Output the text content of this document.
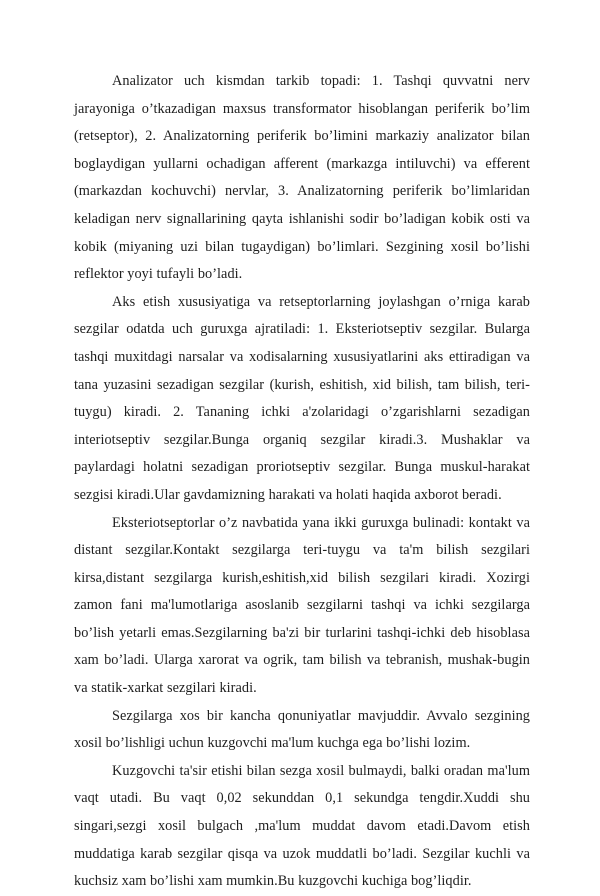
Analizator uch kismdan tarkib topadi: 1. Tashqi quvvatni nerv jarayoniga o’tkazadigan maxsus transformator hisoblangan periferik bo’lim (retseptor), 2. Analizatorning periferik bo’limini markaziy analizator bilan boglaydigan yullarni ochadigan afferent (markazga intiluvchi) va efferent (markazdan kochuvchi) nervlar, 3. Analizatorning periferik bo’limlaridan keladigan nerv signallarining qayta ishlanishi sodir bo’ladigan kobik osti va kobik (miyaning uzi bilan tugaydigan) bo’limlari. Sezgining xosil bo’lishi reflektor yoyi tufayli bo’ladi.

Aks etish xususiyatiga va retseptorlarning joylashgan o’rniga karab sezgilar odatda uch guruxga ajratiladi: 1. Eksteriotseptiv sezgilar. Bularga tashqi muxitdagi narsalar va xodisalarning xususiyatlarini aks ettiradigan va tana yuzasini sezadigan sezgilar (kurish, eshitish, xid bilish, tam bilish, teri-tuygu) kiradi. 2. Tananing ichki a'zolaridagi o’zgarishlarni sezadigan interiotseptiv sezgilar.Bunga organiq sezgilar kiradi.3. Mushaklar va paylardagi holatni sezadigan proriotseptiv sezgilar. Bunga muskul-harakat sezgisi kiradi.Ular gavdamizning harakati va holati haqida axborot beradi.

Eksteriotseptorlar o’z navbatida yana ikki guruxga bulinadi: kontakt va distant sezgilar.Kontakt sezgilarga teri-tuygu va ta'm bilish sezgilari kirsa,distant sezgilarga kurish,eshitish,xid bilish sezgilari kiradi. Xozirgi zamon fani ma'lumotlariga asoslanib sezgilarni tashqi va ichki sezgilarga bo’lish yetarli emas.Sezgilarning ba'zi bir turlarini tashqi-ichki deb hisoblasa xam bo’ladi. Ularga xarorat va ogrik, tam bilish va tebranish, mushak-bugin va statik-xarkat sezgilari kiradi.

Sezgilarga xos bir kancha qonuniyatlar mavjuddir. Avvalo sezgining xosil bo’lishligi uchun kuzgovchi ma'lum kuchga ega bo’lishi lozim.

Kuzgovchi ta'sir etishi bilan sezga xosil bulmaydi, balki oradan ma'lum vaqt utadi. Bu vaqt 0,02 sekunddan 0,1 sekundga tengdir.Xuddi shu singari,sezgi xosil bulgach ,ma'lum muddat davom etadi.Davom etish muddatiga karab sezgilar qisqa va uzok muddatli bo’ladi. Sezgilar kuchli va kuchsiz xam bo’lishi xam mumkin.Bu kuzgovchi kuchiga bog’liqdir.
